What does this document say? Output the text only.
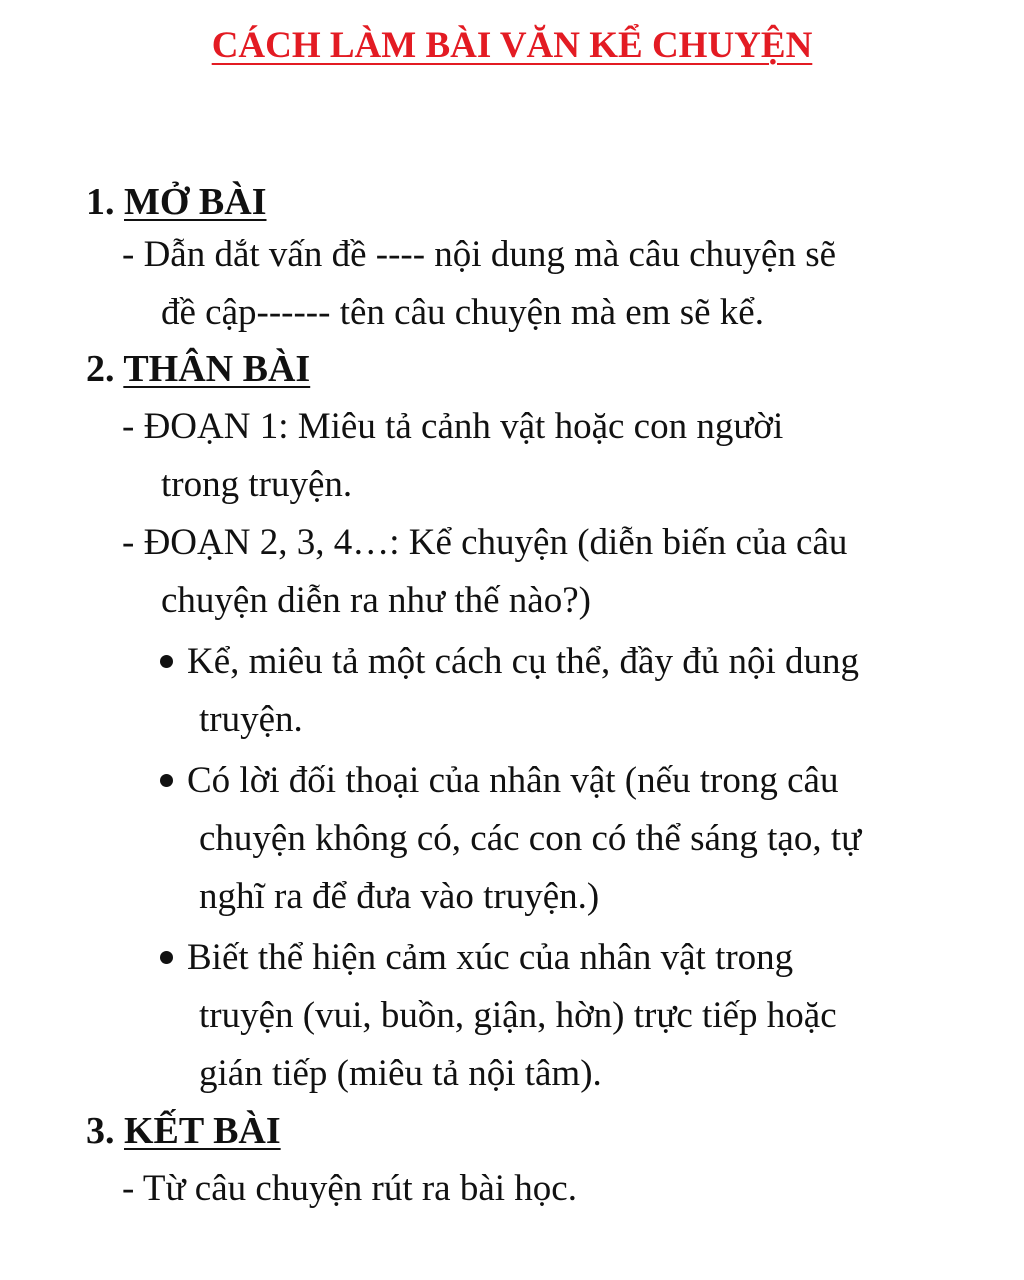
CÁCH LÀM BÀI VĂN KỂ CHUYỆN
1. MỞ BÀI

- Dẫn dắt vấn đề ---- nội dung mà câu chuyện sẽ

đề cập------ tên câu chuyện mà em sẽ kể.

2. THÂN BÀI

- ĐOẠN 1: Miêu tả cảnh vật hoặc con người

trong truyện.

- ĐOẠN 2, 3, 4…: Kể chuyện (diễn biến của câu

chuyện diễn ra như thế nào?)

Kể, miêu tả một cách cụ thể, đầy đủ nội dung

truyện.

Có lời đối thoại của nhân vật (nếu trong câu

chuyện không có, các con có thể sáng tạo, tự

nghĩ ra để đưa vào truyện.)

Biết thể hiện cảm xúc của nhân vật trong

truyện (vui, buồn, giận, hờn) trực tiếp hoặc

gián tiếp (miêu tả nội tâm).

3. KẾT BÀI

- Từ câu chuyện rút ra bài học.
